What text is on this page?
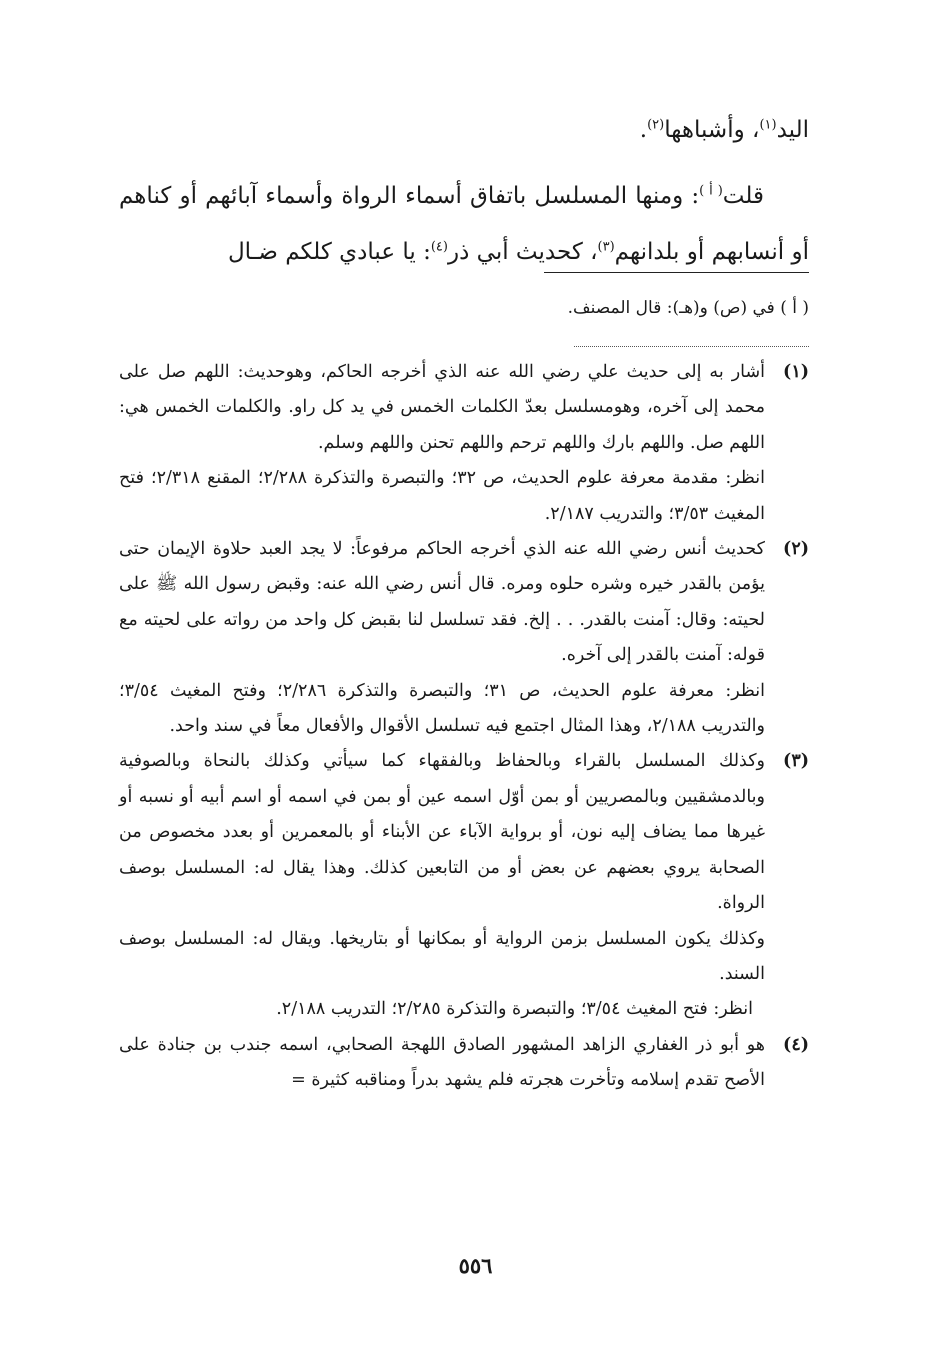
اليد$^{(١)}$، وأشباهها$^{(٢)}$.

قلت$^{( أ )}$: ومنها المسلسل باتفاق أسماء الرواة وأسماء آبائهم أو كناهم أو أنسابهم أو بلدانهم$^{(٣)}$، كحديث أبي ذر$^{(٤)}$: يا عبادي كلكم ضـال

( أ ) في (ص) و(هـ): قال المصنف.
(١)

أشار به إلى حديث علي رضي الله عنه الذي أخرجه الحاكم، وهوحديث: اللهم صل على محمد إلى آخره، وهومسلسل بعدّ الكلمات الخمس في يد كل راو. والكلمات الخمس هي: اللهم صل. واللهم بارك واللهم ترحم واللهم تحنن واللهم وسلم.

انظر: مقدمة معرفة علوم الحديث، ص ٣٢؛ والتبصرة والتذكرة ٢/٢٨٨؛ المقنع ٢/٣١٨؛ فتح المغيث ٣/٥٣؛ والتدريب ٢/١٨٧.

(٢)

كحديث أنس رضي الله عنه الذي أخرجه الحاكم مرفوعاً: لا يجد العبد حلاوة الإيمان حتى يؤمن بالقدر خيره وشره حلوه ومره. قال أنس رضي الله عنه: وقبض رسول الله ﷺ على لحيته: وقال: آمنت بالقدر. . . إلخ. فقد تسلسل لنا بقبض كل واحد من رواته على لحيته مع قوله: آمنت بالقدر إلى آخره.

انظر: معرفة علوم الحديث، ص ٣١؛ والتبصرة والتذكرة ٢/٢٨٦؛ وفتح المغيث ٣/٥٤؛ والتدريب ٢/١٨٨، وهذا المثال اجتمع فيه تسلسل الأقوال والأفعال معاً في سند واحد.

(٣)

وكذلك المسلسل بالقراء وبالحفاظ وبالفقهاء كما سيأتي وكذلك بالنحاة وبالصوفية وبالدمشقيين وبالمصريين أو بمن أوّل اسمه عين أو بمن في اسمه أو اسم أبيه أو نسبه أو غيرها مما يضاف إليه نون، أو برواية الآباء عن الأبناء أو بالمعمرين أو بعدد مخصوص من الصحابة يروي بعضهم عن بعض أو من التابعين كذلك. وهذا يقال له: المسلسل بوصف الرواة.

وكذلك يكون المسلسل بزمن الرواية أو بمكانها أو بتاريخها. ويقال له: المسلسل بوصف السند.

انظر: فتح المغيث ٣/٥٤؛ والتبصرة والتذكرة ٢/٢٨٥؛ التدريب ٢/١٨٨.

(٤)

هو أبو ذر الغفاري الزاهد المشهور الصادق اللهجة الصحابي، اسمه جندب بن جنادة على الأصح تقدم إسلامه وتأخرت هجرته فلم يشهد بدراً ومناقبه كثيرة =

٥٥٦
